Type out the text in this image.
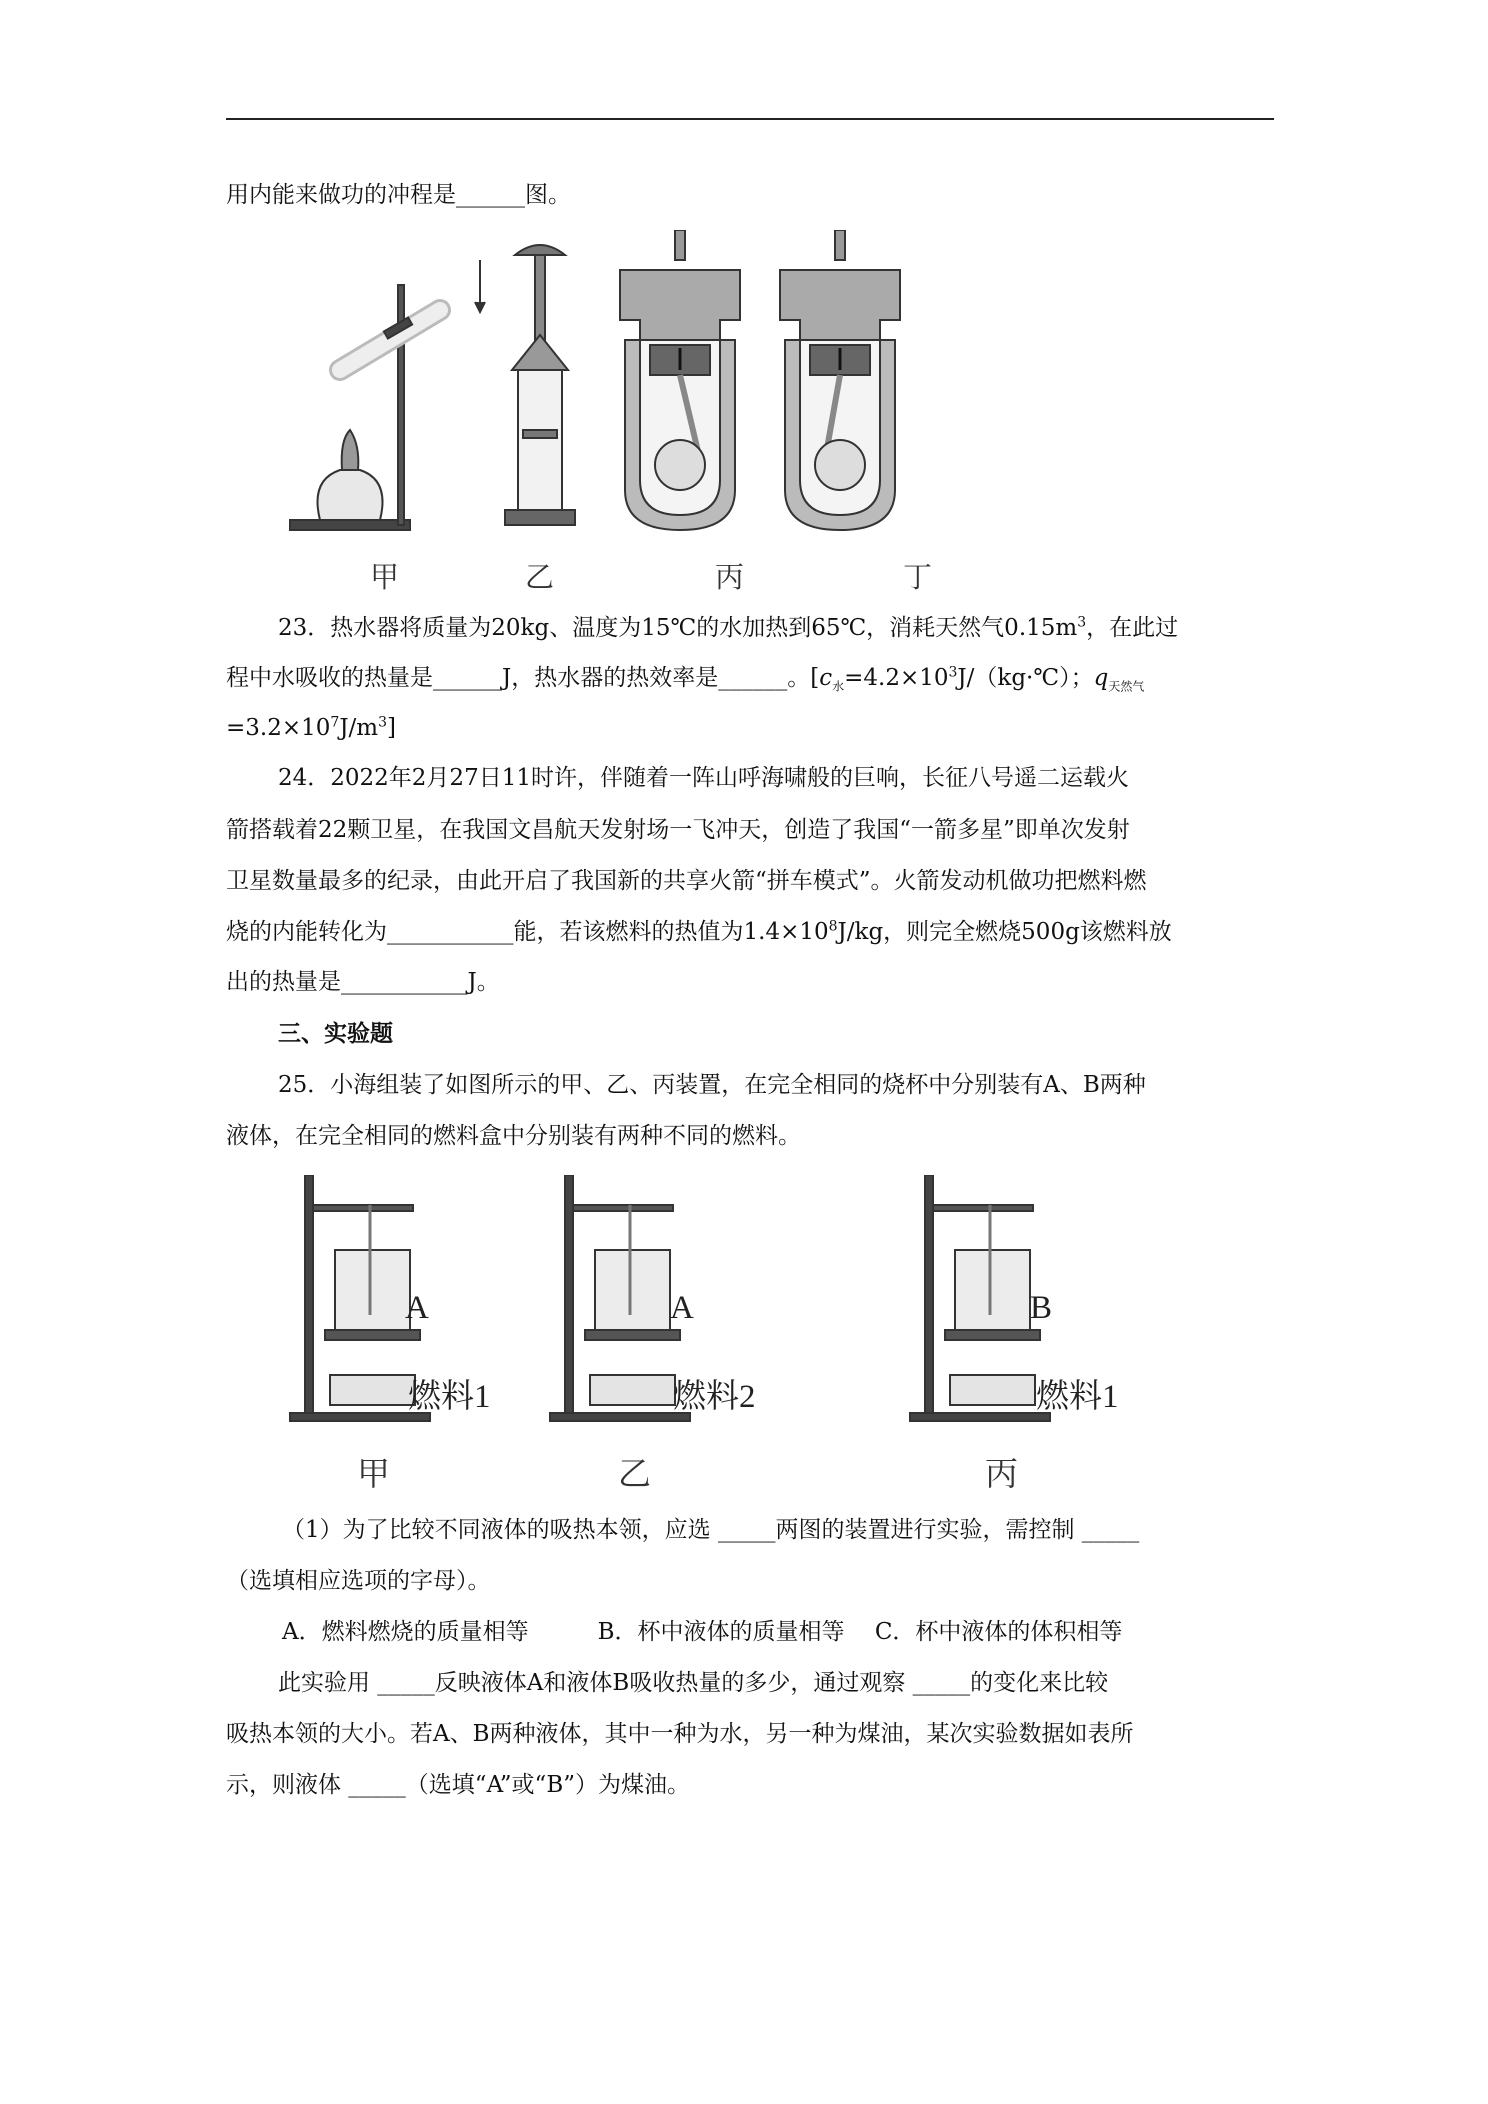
用内能来做功的冲程是______图。
甲	乙	丙	丁
23．热水器将质量为20kg、温度为15℃的水加热到65℃，消耗天然气$0.15m^3$，在此过
程中水吸收的热量是______J，热水器的热效率是______。[$c_水=4.2\times 10^3J/(kg\cdot℃)$；$q_{天然气}$
$=3.2\times 10^7J/m^3$]
24．2022年2月27日11时许，伴随着一阵山呼海啸般的巨响，长征八号遥二运载火
箭搭载着22颗卫星，在我国文昌航天发射场一飞冲天，创造了我国“一箭多星”即单次发射
卫星数量最多的纪录，由此开启了我国新的共享火箭“拼车模式”。火箭发动机做功把燃料燃
烧的内能转化为___________能，若该燃料的热值为$1.4\times 10^8J/kg$，则完全燃烧500g该燃料放
出的热量是___________J。
三、实验题
25．小海组装了如图所示的甲、乙、丙装置，在完全相同的烧杯中分别装有A、B两种
液体，在完全相同的燃料盒中分别装有两种不同的燃料。
A
燃料1
甲
A
燃料2
乙
B
燃料1
丙
（1）为了比较不同液体的吸热本领，应选 _____两图的装置进行实验，需控制 _____
（选填相应选项的字母）。
A．燃料燃烧的质量相等　　　B．杯中液体的质量相等　 C．杯中液体的体积相等
此实验用 _____反映液体A和液体B吸收热量的多少，通过观察 _____的变化来比较
吸热本领的大小。若A、B两种液体，其中一种为水，另一种为煤油，某次实验数据如表所
示，则液体 _____（选填“A”或“B”）为煤油。
